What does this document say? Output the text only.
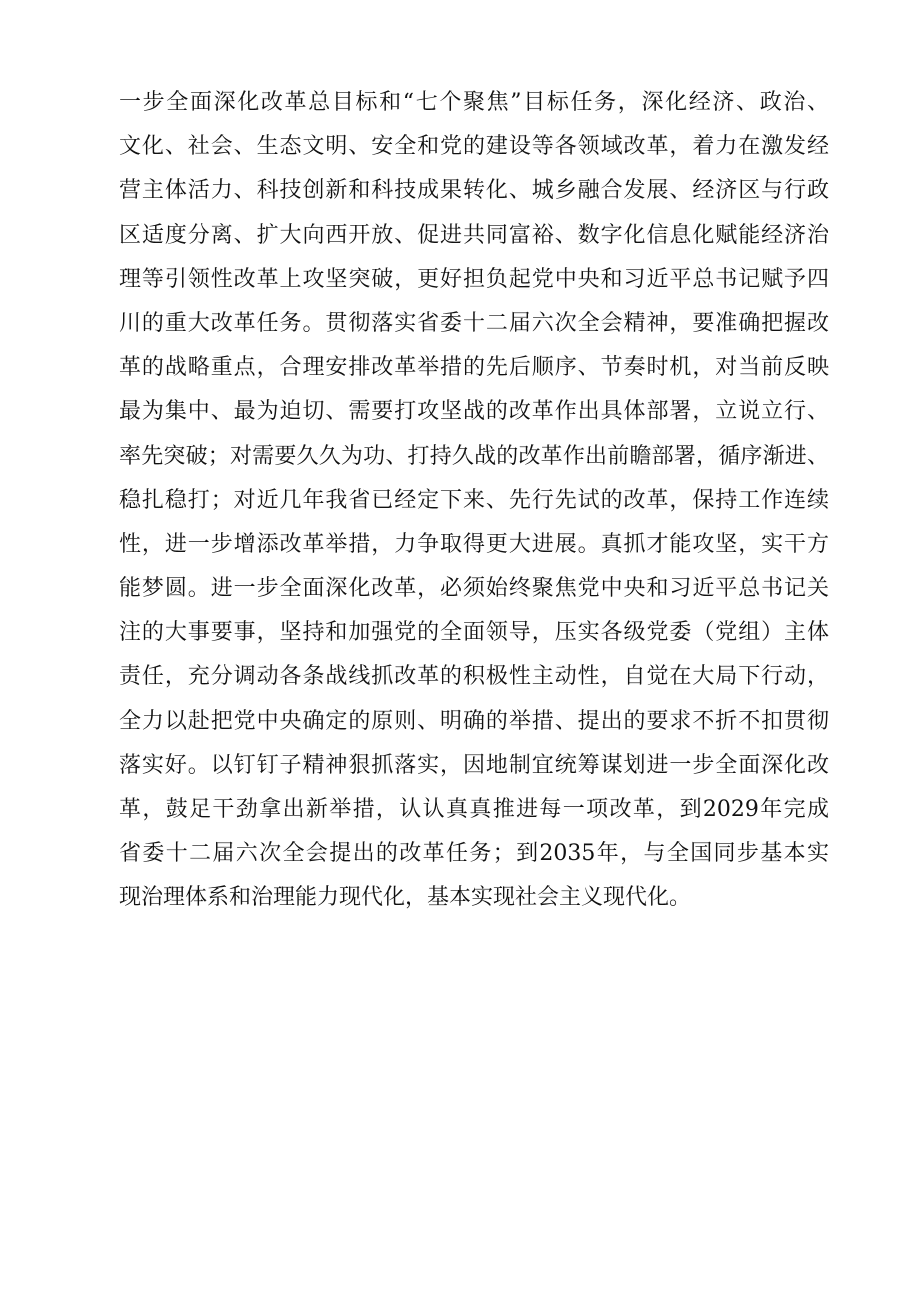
一步全面深化改革总目标和“七个聚焦”目标任务，深化经济、政治、
文化、社会、生态文明、安全和党的建设等各领域改革，着力在激发经
营主体活力、科技创新和科技成果转化、城乡融合发展、经济区与行政
区适度分离、扩大向西开放、促进共同富裕、数字化信息化赋能经济治
理等引领性改革上攻坚突破，更好担负起党中央和习近平总书记赋予四
川的重大改革任务。贯彻落实省委十二届六次全会精神，要准确把握改
革的战略重点，合理安排改革举措的先后顺序、节奏时机，对当前反映
最为集中、最为迫切、需要打攻坚战的改革作出具体部署，立说立行、
率先突破；对需要久久为功、打持久战的改革作出前瞻部署，循序渐进、
稳扎稳打；对近几年我省已经定下来、先行先试的改革，保持工作连续
性，进一步增添改革举措，力争取得更大进展。真抓才能攻坚，实干方
能梦圆。进一步全面深化改革，必须始终聚焦党中央和习近平总书记关
注的大事要事，坚持和加强党的全面领导，压实各级党委（党组）主体
责任，充分调动各条战线抓改革的积极性主动性，自觉在大局下行动，
全力以赴把党中央确定的原则、明确的举措、提出的要求不折不扣贯彻
落实好。以钉钉子精神狠抓落实，因地制宜统筹谋划进一步全面深化改
革，鼓足干劲拿出新举措，认认真真推进每一项改革，到2029年完成
省委十二届六次全会提出的改革任务；到2035年，与全国同步基本实
现治理体系和治理能力现代化，基本实现社会主义现代化。
